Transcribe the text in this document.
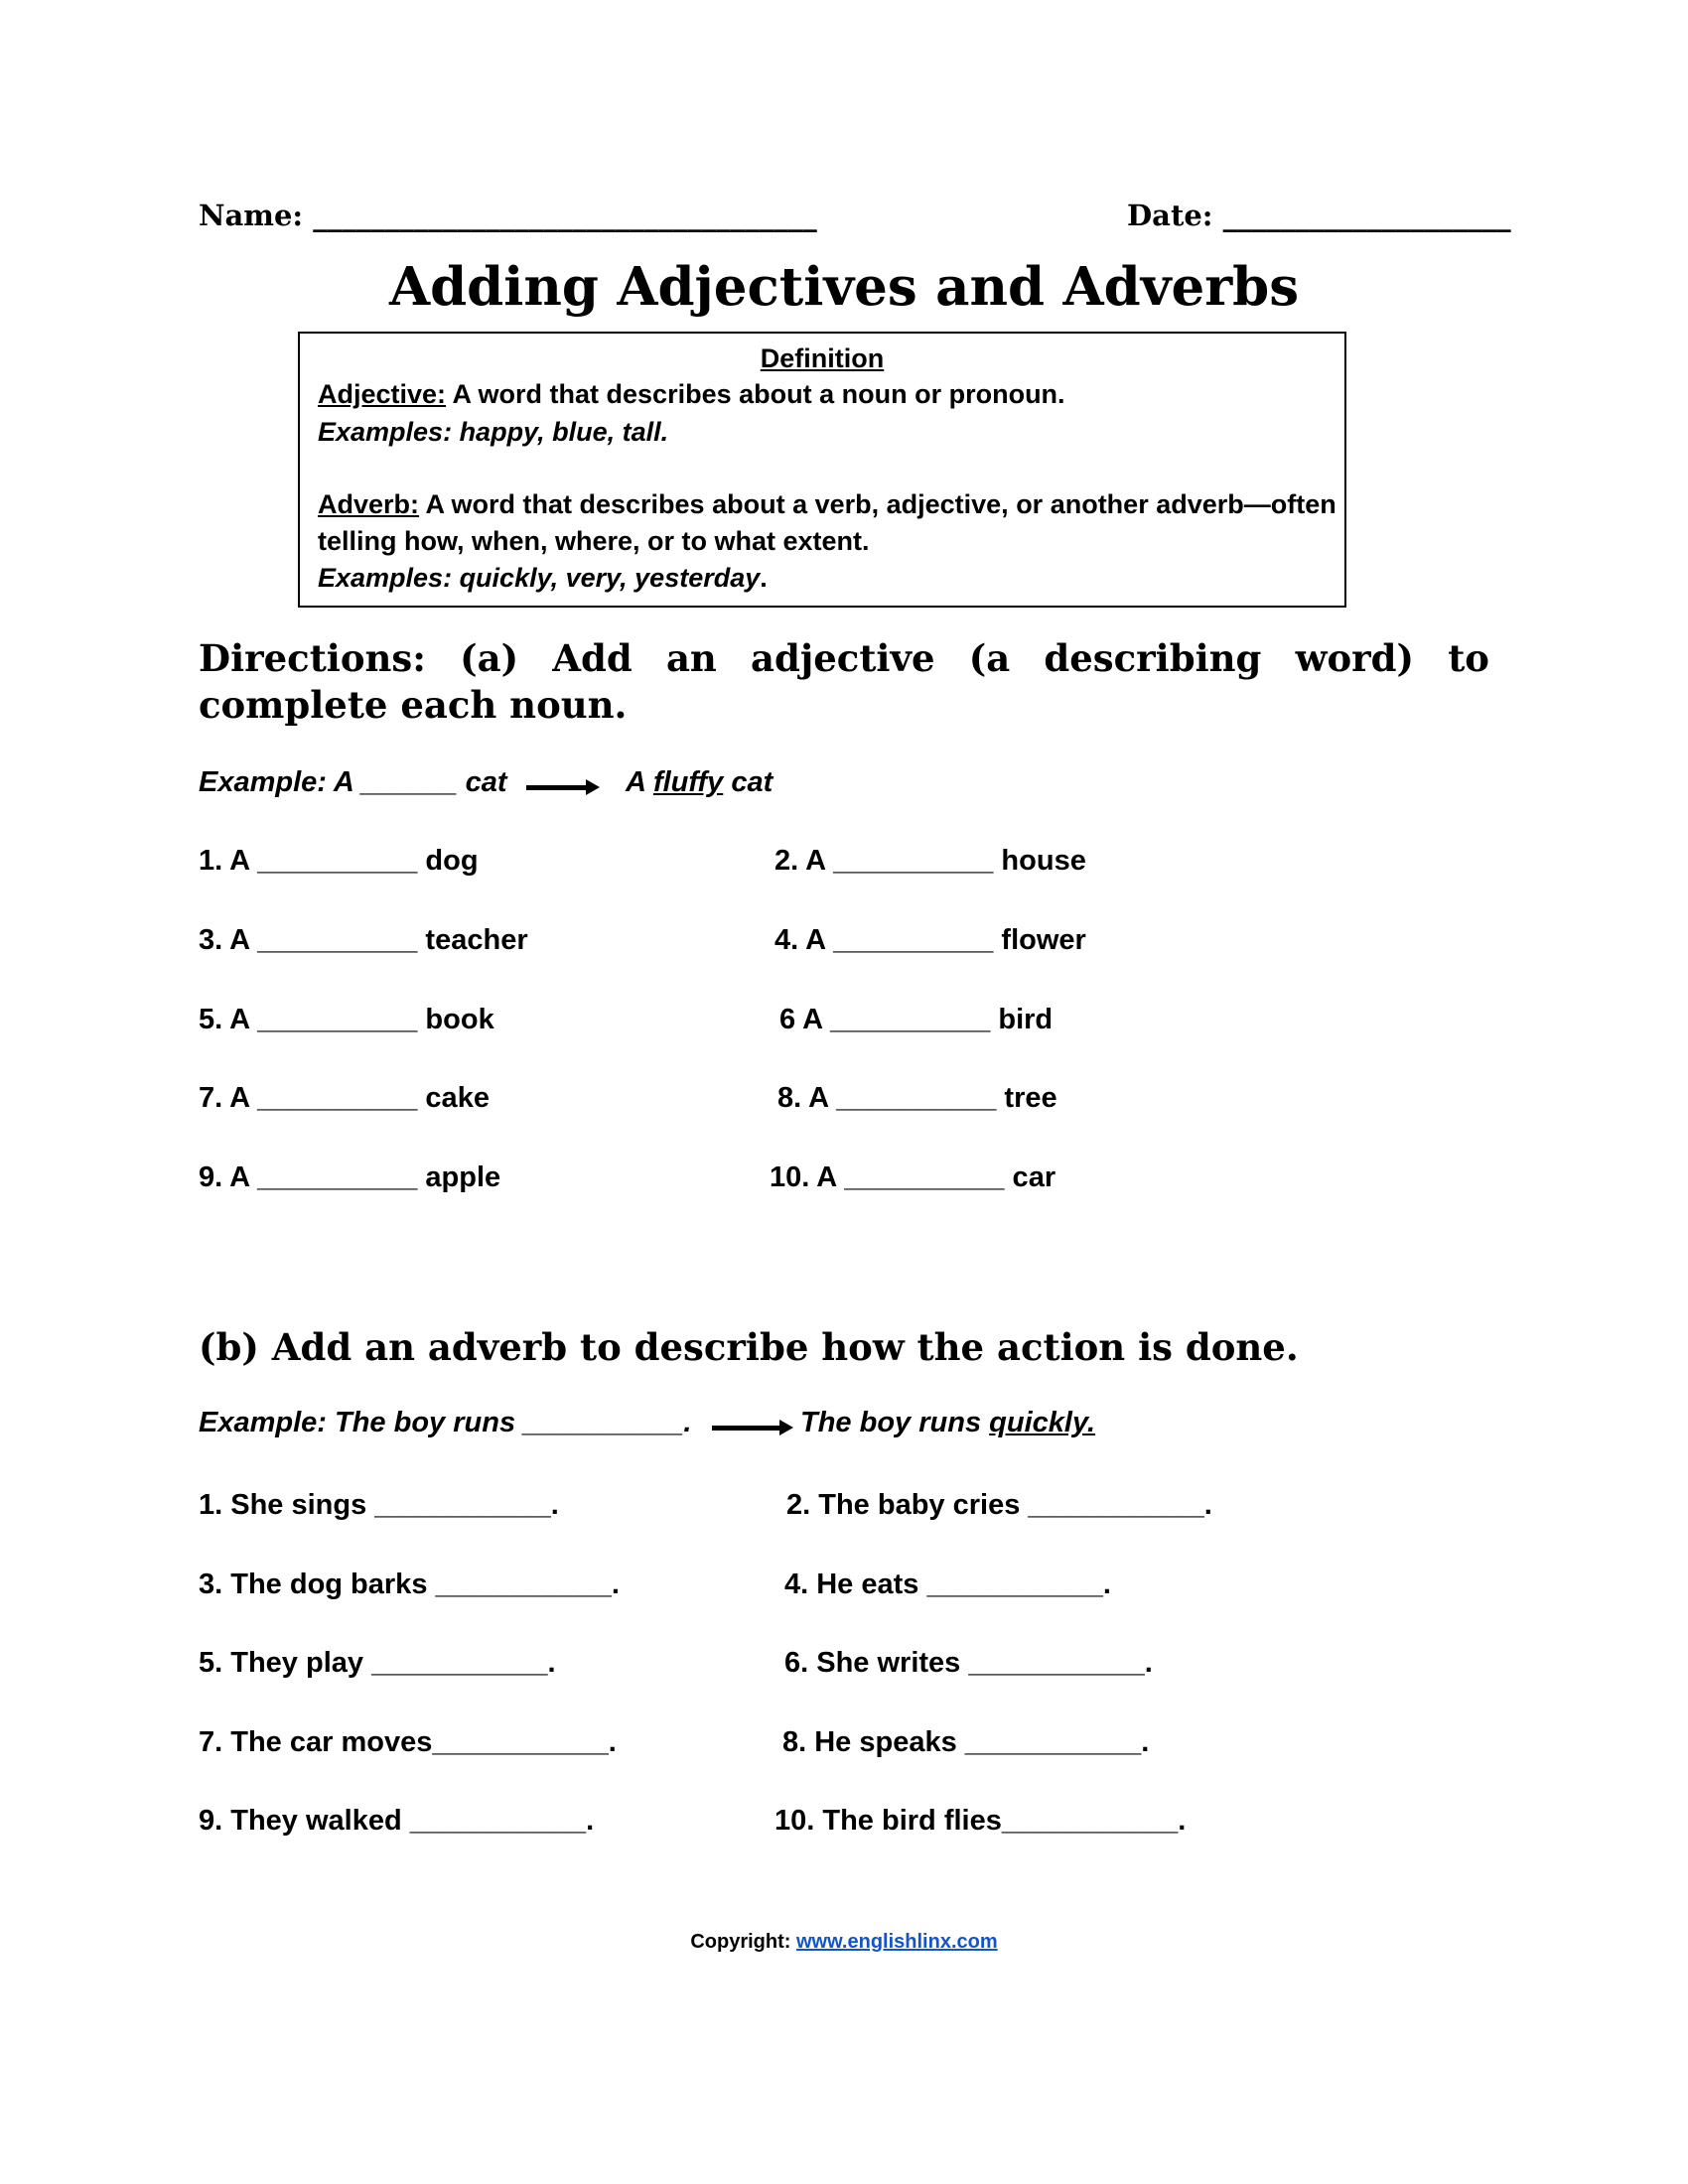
Name: ___________________________________	Date: ____________________
Adding Adjectives and Adverbs
Definition
Adjective: A word that describes about a noun or pronoun.
Examples: happy, blue, tall.
Adverb: A word that describes about a verb, adjective, or another adverb—often
telling how, when, where, or to what extent.
Examples: quickly, very, yesterday.
Directions: (a) Add an adjective (a describing word) to complete each noun.
Example: A ______ cat	A fluffy cat
1. A __________ dog
3. A __________ teacher
5. A __________ book
7. A __________ cake
9. A __________ apple
2. A __________ house
4. A __________ flower
6 A __________ bird
8. A __________ tree
10. A __________ car
(b) Add an adverb to describe how the action is done.
Example: The boy runs __________.	The boy runs quickly.
1. She sings ___________.
3. The dog barks ___________.
5. They play ___________.
7. The car moves___________.
9. They walked ___________.
2. The baby cries ___________.
4. He eats ___________.
6. She writes ___________.
8. He speaks ___________.
10. The bird flies___________.
Copyright: www.englishlinx.com
